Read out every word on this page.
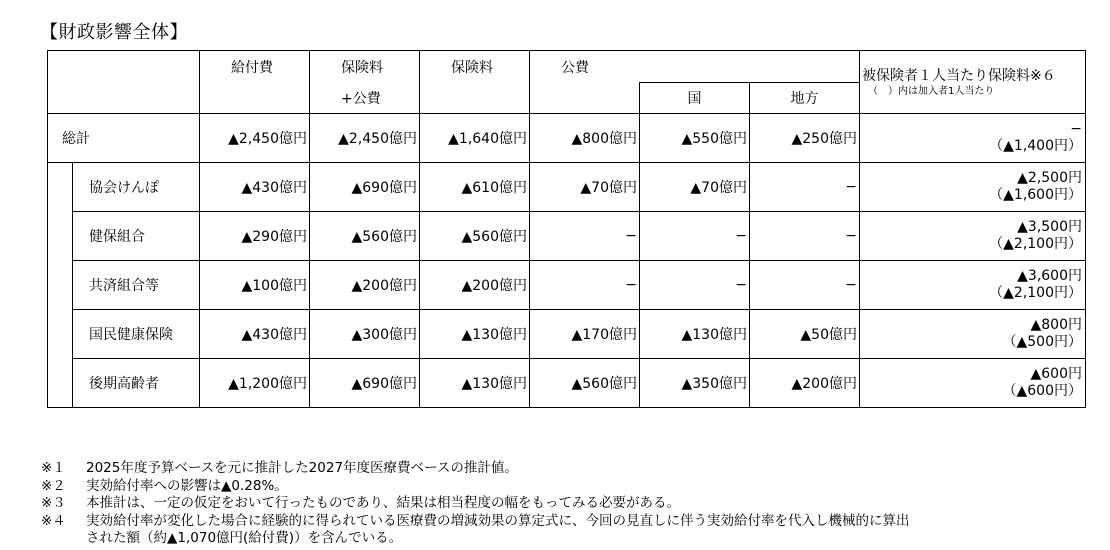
【財政影響全体】
		給付費	保険料	保険料	公費			被保険者１人当たり保険料※６
（　）内は加入者1人当たり

			+公費			国	地方	
総計		▲2,450億円	▲2,450億円	▲1,640億円	▲800億円	▲550億円	▲250億円	−
（▲1,400円）

	協会けんぽ	▲430億円	▲690億円	▲610億円	▲70億円	▲70億円	−	▲2,500円
（▲1,600円）

	健保組合	▲290億円	▲560億円	▲560億円	−	−	−	▲3,500円
（▲2,100円）

	共済組合等	▲100億円	▲200億円	▲200億円	−	−	−	▲3,600円
（▲2,100円）

	国民健康保険	▲430億円	▲300億円	▲130億円	▲170億円	▲130億円	▲50億円	▲800円
（▲500円）

	後期高齢者	▲1,200億円	▲690億円	▲130億円	▲560億円	▲350億円	▲200億円	▲600円
（▲600円）
※１	2025年度予算ベースを元に推計した2027年度医療費ベースの推計値。
※２	実効給付率への影響は▲0.28%。
※３	本推計は、一定の仮定をおいて行ったものであり、結果は相当程度の幅をもってみる必要がある。
※４	実効給付率が変化した場合に経験的に得られている医療費の増減効果の算定式に、今回の見直しに伴う実効給付率を代入し機械的に算出
された額（約▲1,070億円(給付費)）を含んでいる。
